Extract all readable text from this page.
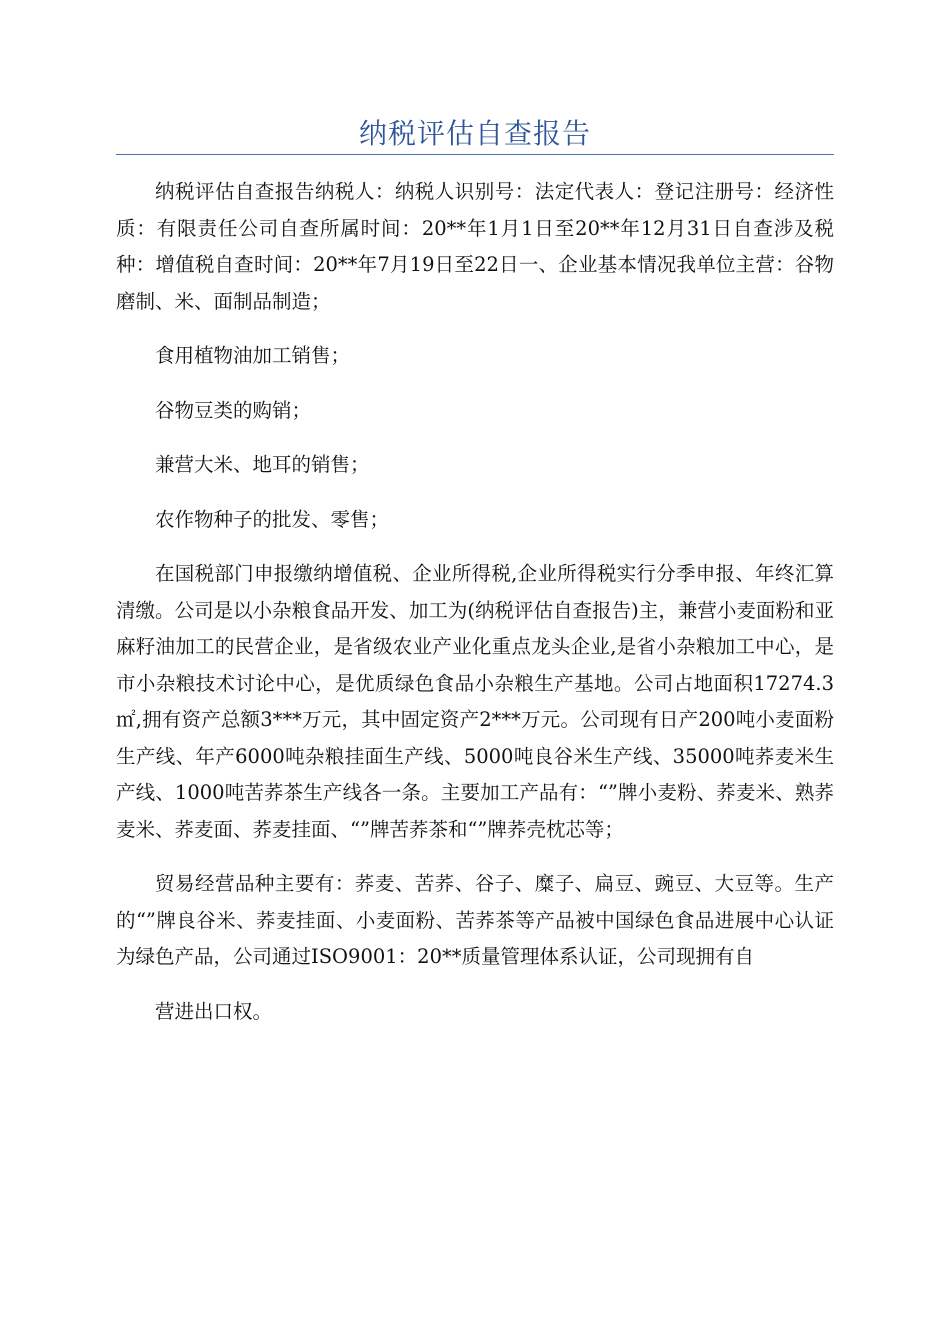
纳税评估自查报告

纳税评估自查报告纳税人：纳税人识别号：法定代表人：登记注册号：经济性质：有限责任公司自查所属时间：20**年1月1日至20**年12月31日自查涉及税种：增值税自查时间：20**年7月19日至22日一、企业基本情况我单位主营：谷物磨制、米、面制品制造；

食用植物油加工销售；

谷物豆类的购销；

兼营大米、地耳的销售；

农作物种子的批发、零售；

在国税部门申报缴纳增值税、企业所得税,企业所得税实行分季申报、年终汇算清缴。公司是以小杂粮食品开发、加工为(纳税评估自查报告)主，兼营小麦面粉和亚麻籽油加工的民营企业，是省级农业产业化重点龙头企业,是省小杂粮加工中心，是市小杂粮技术讨论中心，是优质绿色食品小杂粮生产基地。公司占地面积17274.3㎡,拥有资产总额3***万元，其中固定资产2***万元。公司现有日产200吨小麦面粉生产线、年产6000吨杂粮挂面生产线、5000吨良谷米生产线、35000吨荞麦米生产线、1000吨苦荞茶生产线各一条。主要加工产品有：“”牌小麦粉、荞麦米、熟荞麦米、荞麦面、荞麦挂面、“”牌苦荞茶和“”牌荞壳枕芯等；

贸易经营品种主要有：荞麦、苦荞、谷子、糜子、扁豆、豌豆、大豆等。生产的“”牌良谷米、荞麦挂面、小麦面粉、苦荞茶等产品被中国绿色食品进展中心认证为绿色产品，公司通过ISO9001：20**质量管理体系认证，公司现拥有自

营进出口权。
